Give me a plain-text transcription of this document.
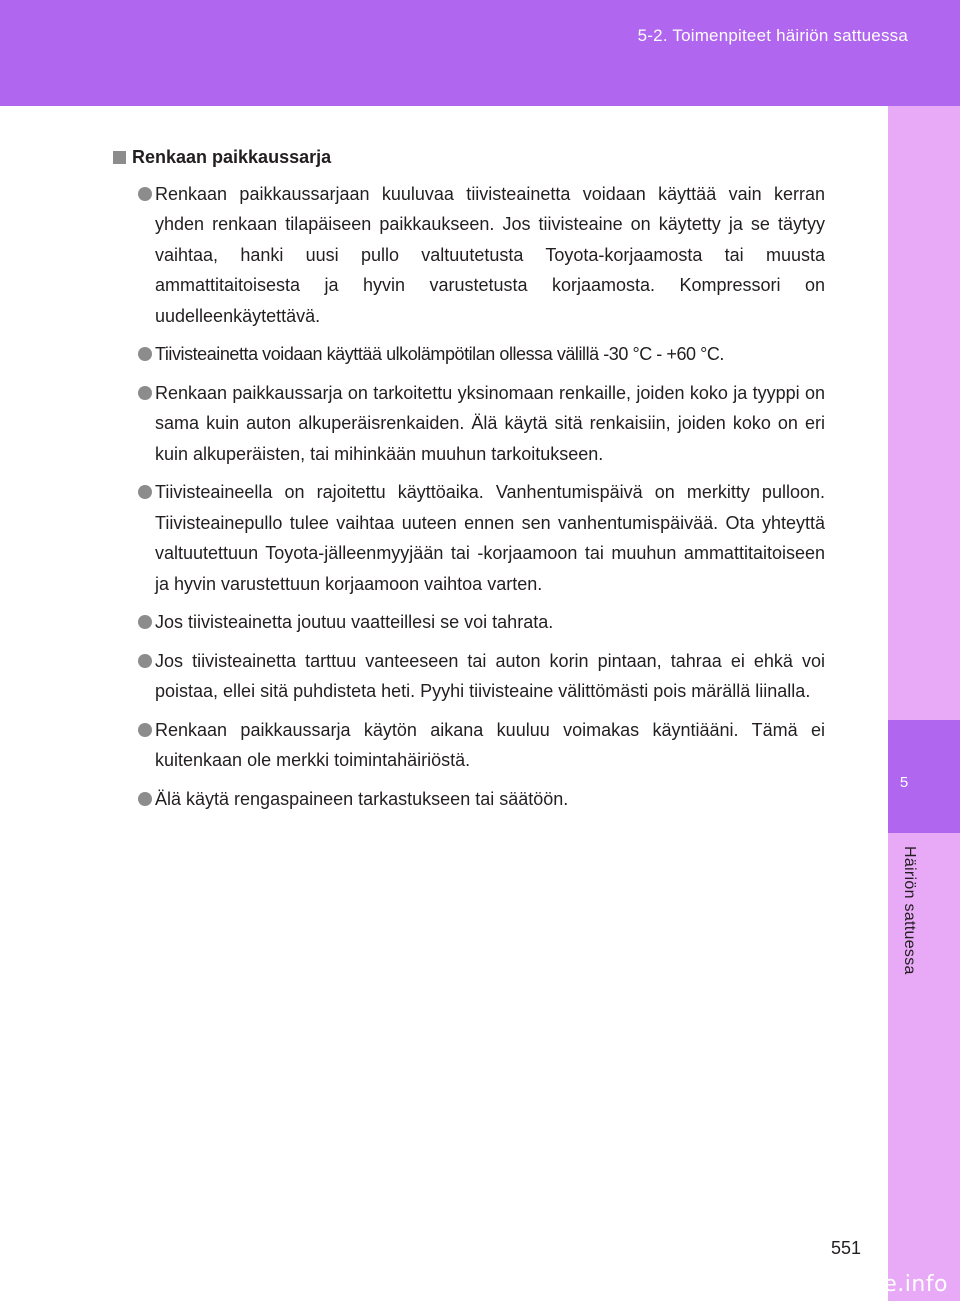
5-2. Toimenpiteet häiriön sattuessa
5
Häiriön sattuessa
Renkaan paikkaussarja
Renkaan paikkaussarjaan kuuluvaa tiivisteainetta voidaan käyttää vain kerran yhden renkaan tilapäiseen paikkaukseen. Jos tiivisteaine on käytetty ja se täytyy vaihtaa, hanki uusi pullo valtuutetusta Toyota-korjaamosta tai muusta ammattitaitoisesta ja hyvin varustetusta korjaamosta. Kompressori on uudelleenkäytettävä.
Tiivisteainetta voidaan käyttää ulkolämpötilan ollessa välillä -30 °C - +60 °C.
Renkaan paikkaussarja on tarkoitettu yksinomaan renkaille, joiden koko ja tyyppi on sama kuin auton alkuperäisrenkaiden. Älä käytä sitä renkaisiin, joiden koko on eri kuin alkuperäisten, tai mihinkään muuhun tarkoitukseen.
Tiivisteaineella on rajoitettu käyttöaika. Vanhentumispäivä on merkitty pulloon. Tiivisteainepullo tulee vaihtaa uuteen ennen sen vanhentumispäivää. Ota yhteyttä valtuutettuun Toyota-jälleenmyyjään tai -korjaamoon tai muuhun ammattitaitoiseen ja hyvin varustettuun korjaamoon vaihtoa varten.
Jos tiivisteainetta joutuu vaatteillesi se voi tahrata.
Jos tiivisteainetta tarttuu vanteeseen tai auton korin pintaan, tahraa ei ehkä voi poistaa, ellei sitä puhdisteta heti. Pyyhi tiivisteaine välittömästi pois märällä liinalla.
Renkaan paikkaussarja käytön aikana kuuluu voimakas käyntiääni. Tämä ei kuitenkaan ole merkki toimintahäiriöstä.
Älä käytä rengaspaineen tarkastukseen tai säätöön.
551
carmanualsonline.info
